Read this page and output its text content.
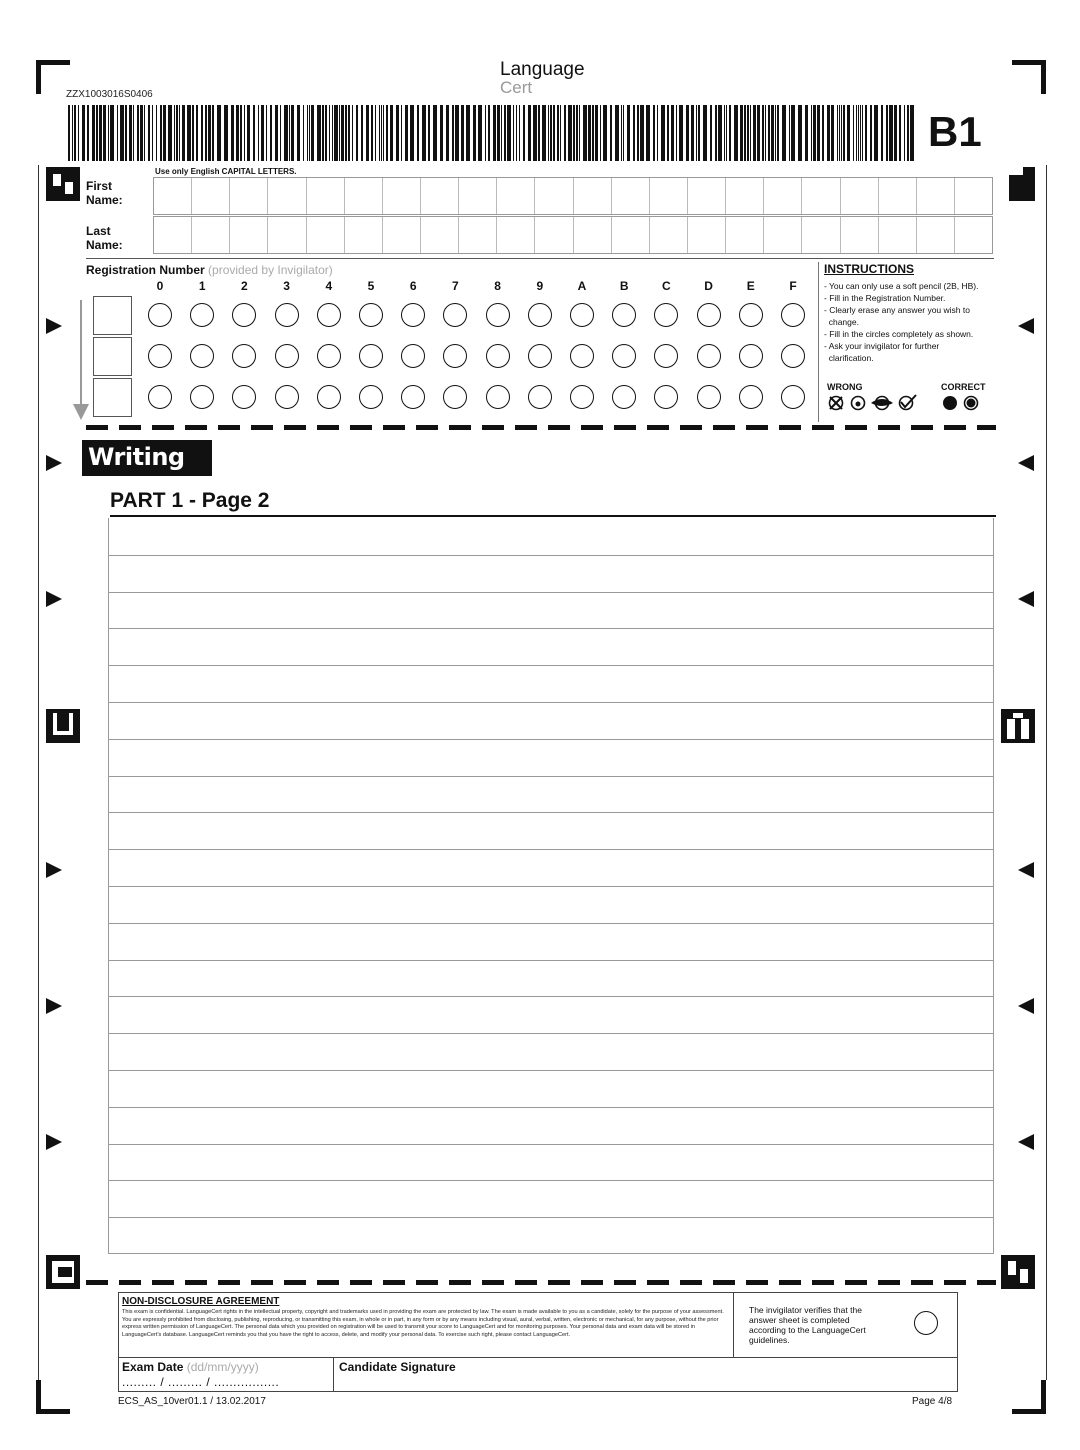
Language
Cert
ZZX1003016S0406
B1
Use only English CAPITAL LETTERS.
First Name:
Last Name:
Registration Number (provided by Invigilator)
0	1	2	3	4	5	6	7	8	9	A	B	C	D	E	F
INSTRUCTIONS
- You can only use a soft pencil (2B, HB).
- Fill in the Registration Number.
- Clearly erase any answer you wish to
change.
- Fill in the circles completely as shown.
- Ask your invigilator for further
clarification.
WRONG	CORRECT
Writing
PART 1 - Page 2
NON-DISCLOSURE AGREEMENT
This exam is confidential. LanguageCert rights in the intellectual property, copyright and trademarks used in providing the exam are protected by law. The exam is made available to you as a candidate, solely for the purpose of your assessment. You are expressly prohibited from disclosing, publishing, reproducing, or transmitting this exam, in whole or in part, in any form or by any means including visual, aural, verbal, written, electronic or mechanical, for any purpose, without the prior express written permission of LanguageCert. The personal data which you provided on registration will be used to transmit your score to LanguageCert and for monitoring purposes. Your personal data and exam data will be stored in LanguageCert's database. LanguageCert reminds you that you have the right to access, delete, and modify your personal data. To exercise such right, please contact LanguageCert.
The invigilator verifies that the answer sheet is completed according to the LanguageCert guidelines.
Exam Date (dd/mm/yyyy)
......... / ......... / .................
Candidate Signature
ECS_AS_10ver01.1 / 13.02.2017	Page 4/8
